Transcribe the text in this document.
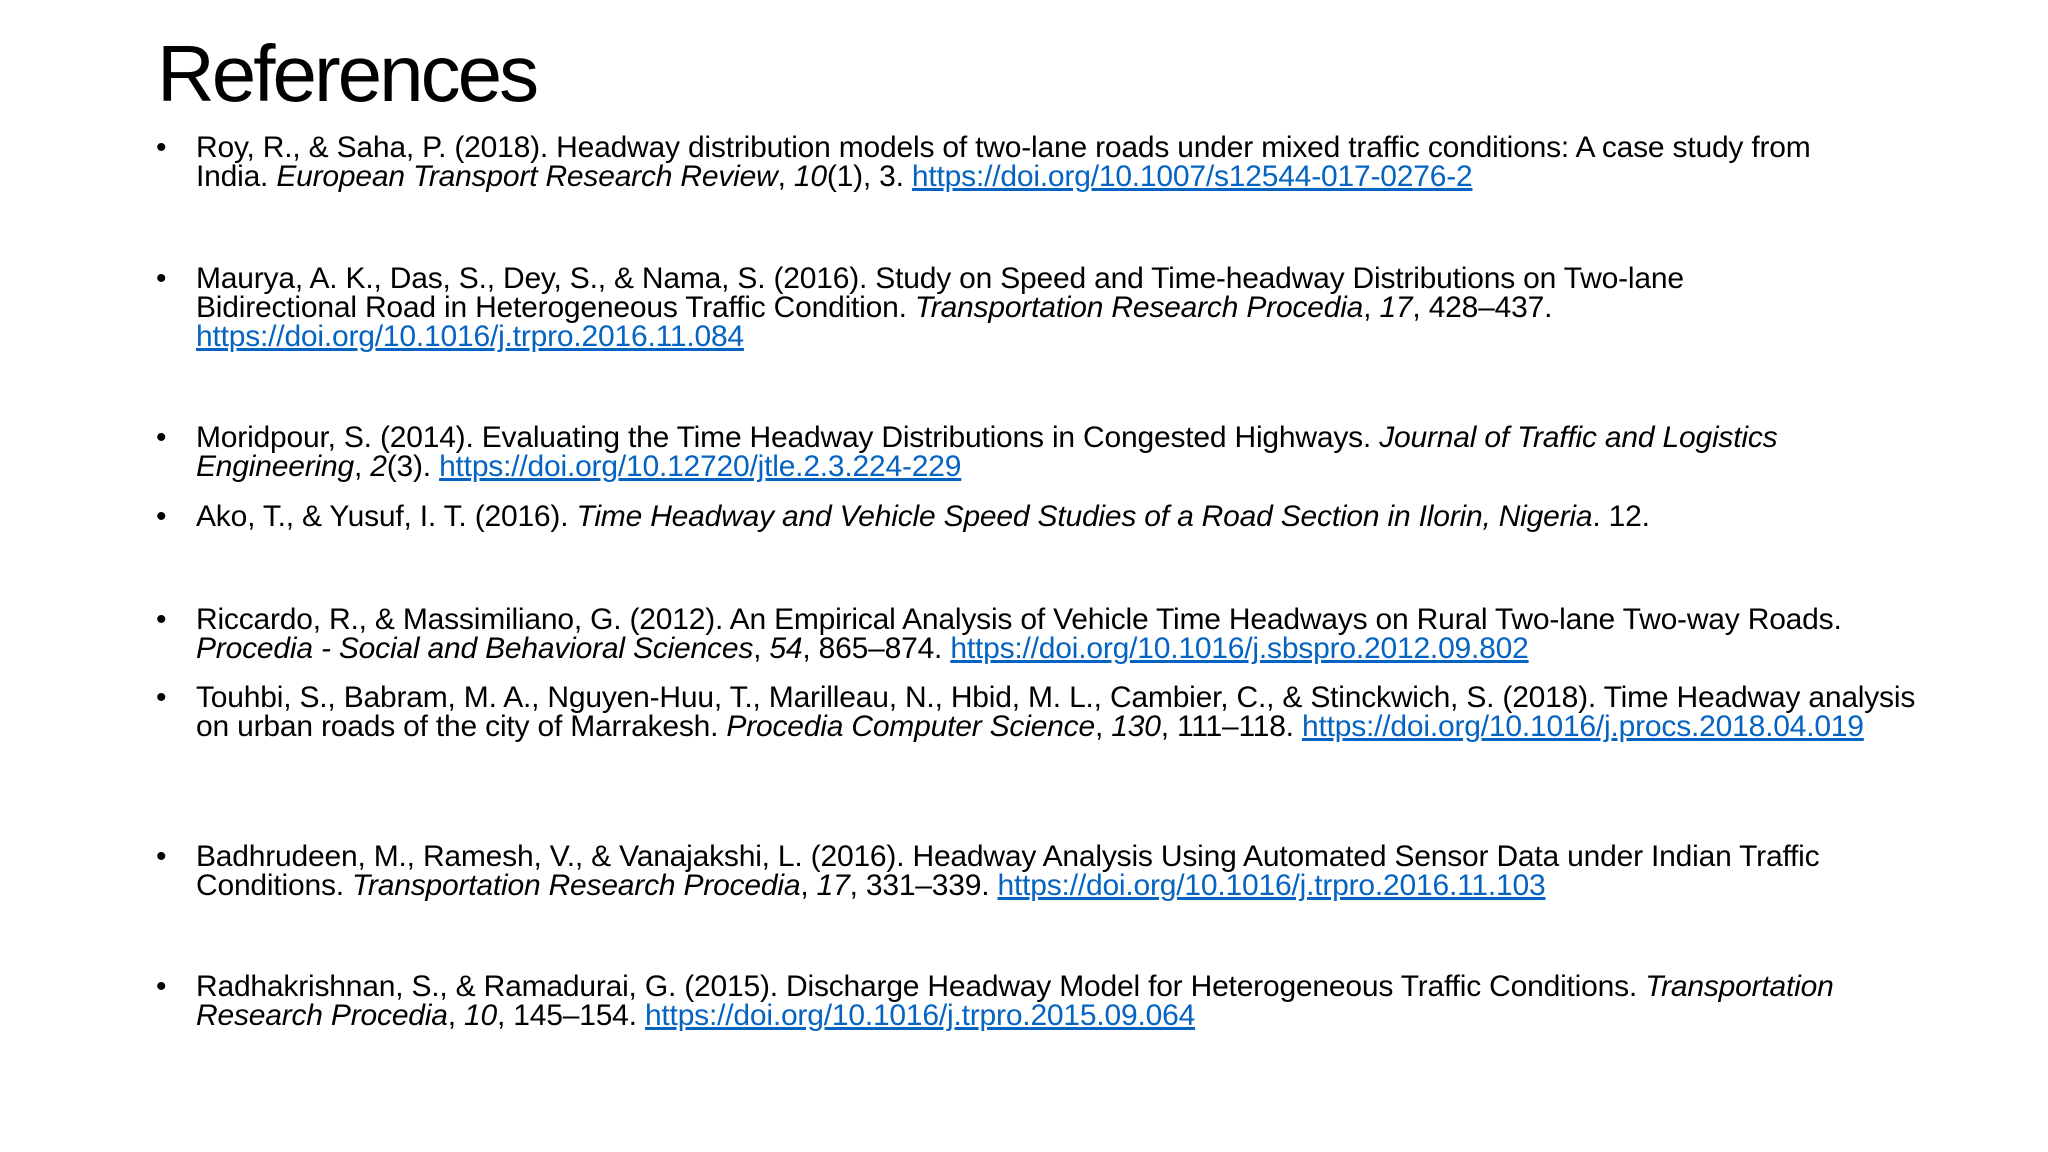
References
• Roy, R., & Saha, P. (2018). Headway distribution models of two-lane roads under mixed traffic conditions: A case study from India. European Transport Research Review, 10(1), 3. https://doi.org/10.1007/s12544-017-0276-2
• Maurya, A. K., Das, S., Dey, S., & Nama, S. (2016). Study on Speed and Time-headway Distributions on Two-lane Bidirectional Road in Heterogeneous Traffic Condition. Transportation Research Procedia, 17, 428–437. https://doi.org/10.1016/j.trpro.2016.11.084
• Moridpour, S. (2014). Evaluating the Time Headway Distributions in Congested Highways. Journal of Traffic and Logistics Engineering, 2(3). https://doi.org/10.12720/jtle.2.3.224-229
• Ako, T., & Yusuf, I. T. (2016). Time Headway and Vehicle Speed Studies of a Road Section in Ilorin, Nigeria. 12.
• Riccardo, R., & Massimiliano, G. (2012). An Empirical Analysis of Vehicle Time Headways on Rural Two-lane Two-way Roads. Procedia - Social and Behavioral Sciences, 54, 865–874. https://doi.org/10.1016/j.sbspro.2012.09.802
• Touhbi, S., Babram, M. A., Nguyen-Huu, T., Marilleau, N., Hbid, M. L., Cambier, C., & Stinckwich, S. (2018). Time Headway analysis on urban roads of the city of Marrakesh. Procedia Computer Science, 130, 111–118. https://doi.org/10.1016/j.procs.2018.04.019
• Badhrudeen, M., Ramesh, V., & Vanajakshi, L. (2016). Headway Analysis Using Automated Sensor Data under Indian Traffic Conditions. Transportation Research Procedia, 17, 331–339. https://doi.org/10.1016/j.trpro.2016.11.103
• Radhakrishnan, S., & Ramadurai, G. (2015). Discharge Headway Model for Heterogeneous Traffic Conditions. Transportation Research Procedia, 10, 145–154. https://doi.org/10.1016/j.trpro.2015.09.064
